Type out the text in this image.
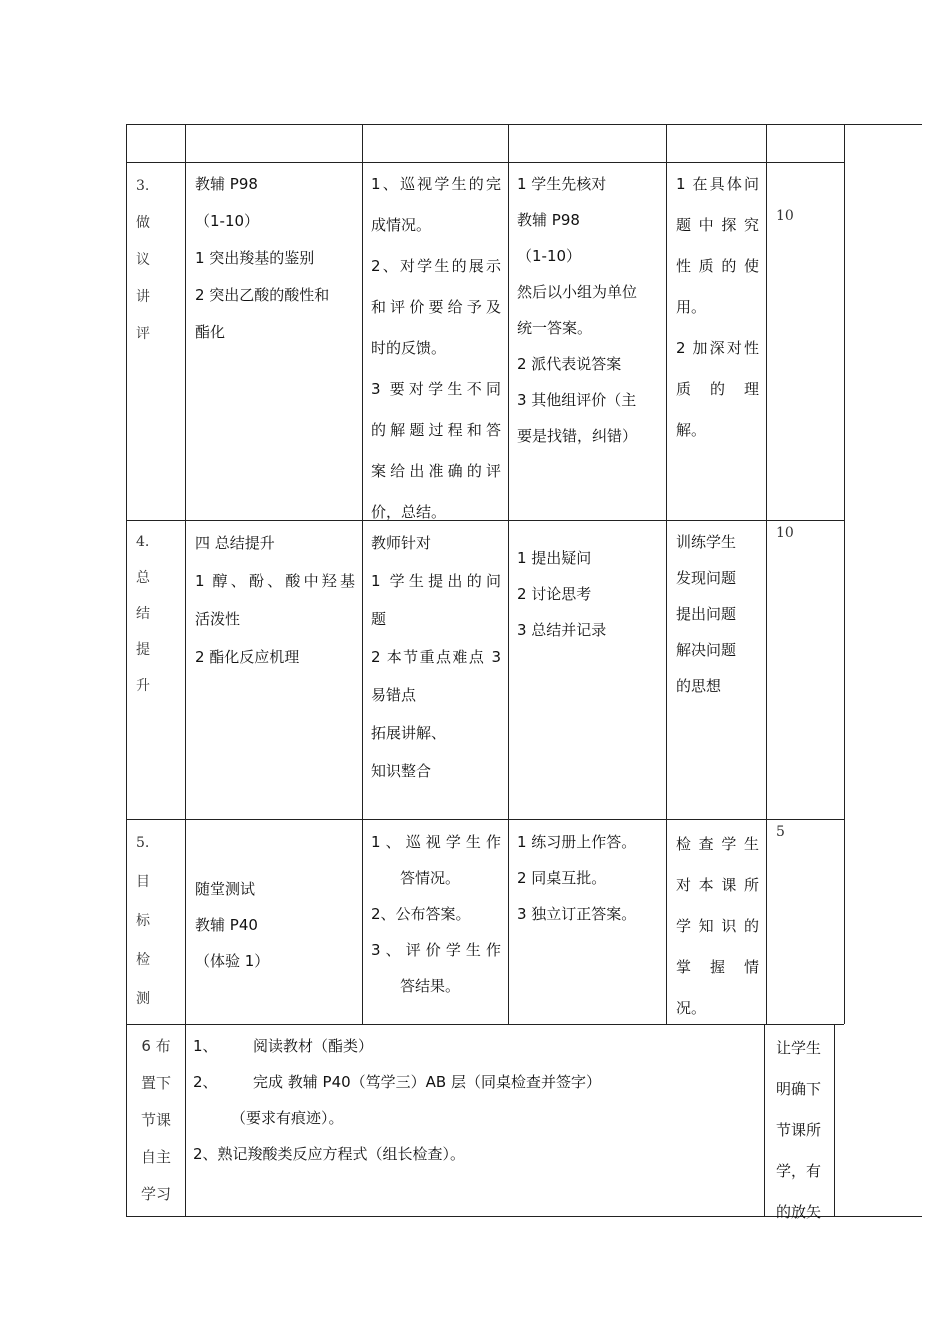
3.
做
议
讲
评
教辅 P98
（1-10）
1 突出羧基的鉴别
2 突出乙酸的酸性和
酯化
1、巡视学生的完
成情况。
2、对学生的展示
和评价要给予及
时的反馈。
3 要对学生不同
的解题过程和答
案给出准确的评
价，总结。
1 学生先核对
教辅 P98
（1-10）
然后以小组为单位
统一答案。
2 派代表说答案
3 其他组评价（主
要是找错，纠错）
1 在具体问
题中探究
性质的使
用。
2 加深对性
质 的 理
解。
10
4.
总
结
提
升
四 总结提升
1 醇、酚、酸中羟基
活泼性
2 酯化反应机理
教师针对
1 学生提出的问
题
2 本节重点难点 3
易错点
拓展讲解、
知识整合
1 提出疑问
2 讨论思考
3 总结并记录
训练学生
发现问题
提出问题
解决问题
的思想
10
5.
目
标
检
测
随堂测试
教辅 P40
（体验 1）
1、巡视学生作
答情况。
2、公布答案。
3、评价学生作
答结果。
1 练习册上作答。
2 同桌互批。
3 独立订正答案。
检查学生
对本课所
学知识的
掌 握 情
况。
5
6 布
置下
节课
自主
学习
1、 阅读教材（酯类）
2、 完成 教辅 P40（笃学三）AB 层（同桌检查并签字）
（要求有痕迹）。
2、熟记羧酸类反应方程式（组长检查）。
让学生
明确下
节课所
学，有
的放矢
